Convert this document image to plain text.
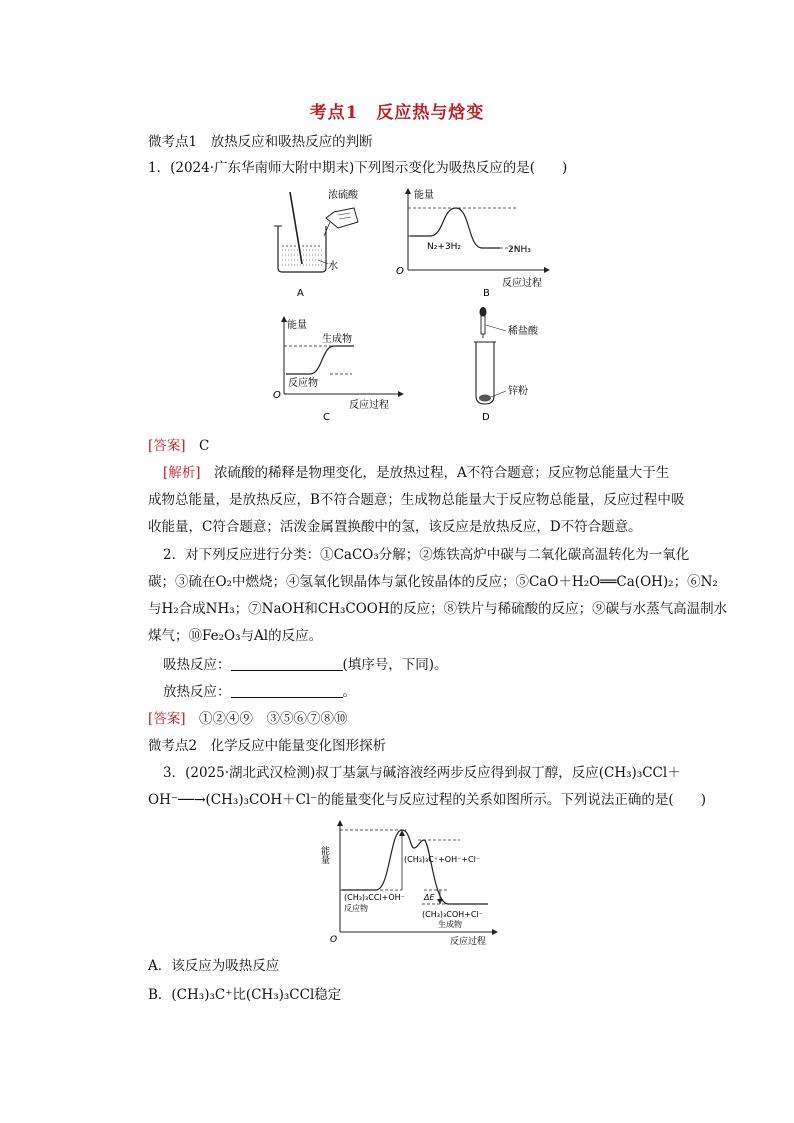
考点1　反应热与焓变
微考点1　放热反应和吸热反应的判断
1．(2024·广东华南师大附中期末)下列图示变化为吸热反应的是(　　)
浓硫酸
水
A
能量
N₂+3H₂	2NH₃
O
反应过程
B
能量
生成物
反应物
O
反应过程
C
稀盐酸
锌粉
D
[答案]　 C
[解析]　 浓硫酸的稀释是物理变化，是放热过程，A不符合题意；反应物总能量大于生
成物总能量，是放热反应，B不符合题意；生成物总能量大于反应物总能量，反应过程中吸
收能量，C符合题意；活泼金属置换酸中的氢，该反应是放热反应，D不符合题意。
2．对下列反应进行分类：①CaCO₃分解；②炼铁高炉中碳与二氧化碳高温转化为一氧化
碳；③硫在O₂中燃烧；④氢氧化钡晶体与氯化铵晶体的反应；⑤CaO＋H₂O══Ca(OH)₂；⑥N₂
与H₂合成NH₃；⑦NaOH和CH₃COOH的反应；⑧铁片与稀硫酸的反应；⑨碳与水蒸气高温制水
煤气；⑩Fe₂O₃与Al的反应。
吸热反应：	(填序号，下同)。
放热反应：	。
[答案]　 ①②④⑨　③⑤⑥⑦⑧⑩
微考点2　化学反应中能量变化图形探析
3．(2025·湖北武汉检测)叔丁基氯与碱溶液经两步反应得到叔丁醇，反应(CH₃)₃CCl＋
OH⁻──→(CH₃)₃COH＋Cl⁻的能量变化与反应过程的关系如图所示。下列说法正确的是(　　)
能量	(CH₃)₃C⁺+OH⁻+Cl⁻
(CH₃)₃CCl+OH⁻
反应物
ΔE
(CH₃)₃COH+Cl⁻
生成物
O	反应过程
A．该反应为吸热反应
B．(CH₃)₃C⁺比(CH₃)₃CCl稳定
